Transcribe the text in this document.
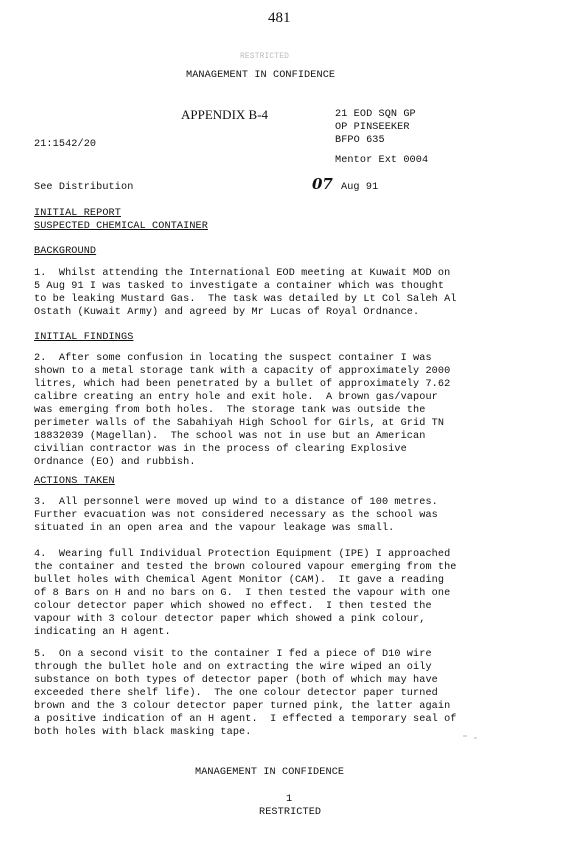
481
RESTRICTED
MANAGEMENT IN CONFIDENCE
APPENDIX B-4	21 EOD SQN GP
OP PINSEEKER
BFPO 635
21:1542/20
Mentor Ext 0004
See Distribution	07 Aug 91
INITIAL REPORT
SUSPECTED CHEMICAL CONTAINER
BACKGROUND
1.  Whilst attending the International EOD meeting at Kuwait MOD on
5 Aug 91 I was tasked to investigate a container which was thought
to be leaking Mustard Gas.  The task was detailed by Lt Col Saleh Al
Ostath (Kuwait Army) and agreed by Mr Lucas of Royal Ordnance.
INITIAL FINDINGS
2.  After some confusion in locating the suspect container I was
shown to a metal storage tank with a capacity of approximately 2000
litres, which had been penetrated by a bullet of approximately 7.62
calibre creating an entry hole and exit hole.  A brown gas/vapour
was emerging from both holes.  The storage tank was outside the
perimeter walls of the Sabahiyah High School for Girls, at Grid TN
18832039 (Magellan).  The school was not in use but an American
civilian contractor was in the process of clearing Explosive
Ordnance (EO) and rubbish.
ACTIONS TAKEN
3.  All personnel were moved up wind to a distance of 100 metres.
Further evacuation was not considered necessary as the school was
situated in an open area and the vapour leakage was small.
4.  Wearing full Individual Protection Equipment (IPE) I approached
the container and tested the brown coloured vapour emerging from the
bullet holes with Chemical Agent Monitor (CAM).  It gave a reading
of 8 Bars on H and no bars on G.  I then tested the vapour with one
colour detector paper which showed no effect.  I then tested the
vapour with 3 colour detector paper which showed a pink colour,
indicating an H agent.
5.  On a second visit to the container I fed a piece of D10 wire
through the bullet hole and on extracting the wire wiped an oily
substance on both types of detector paper (both of which may have
exceeded there shelf life).  The one colour detector paper turned
brown and the 3 colour detector paper turned pink, the latter again
a positive indication of an H agent.  I effected a temporary seal of
both holes with black masking tape.
MANAGEMENT IN CONFIDENCE
1
RESTRICTED
